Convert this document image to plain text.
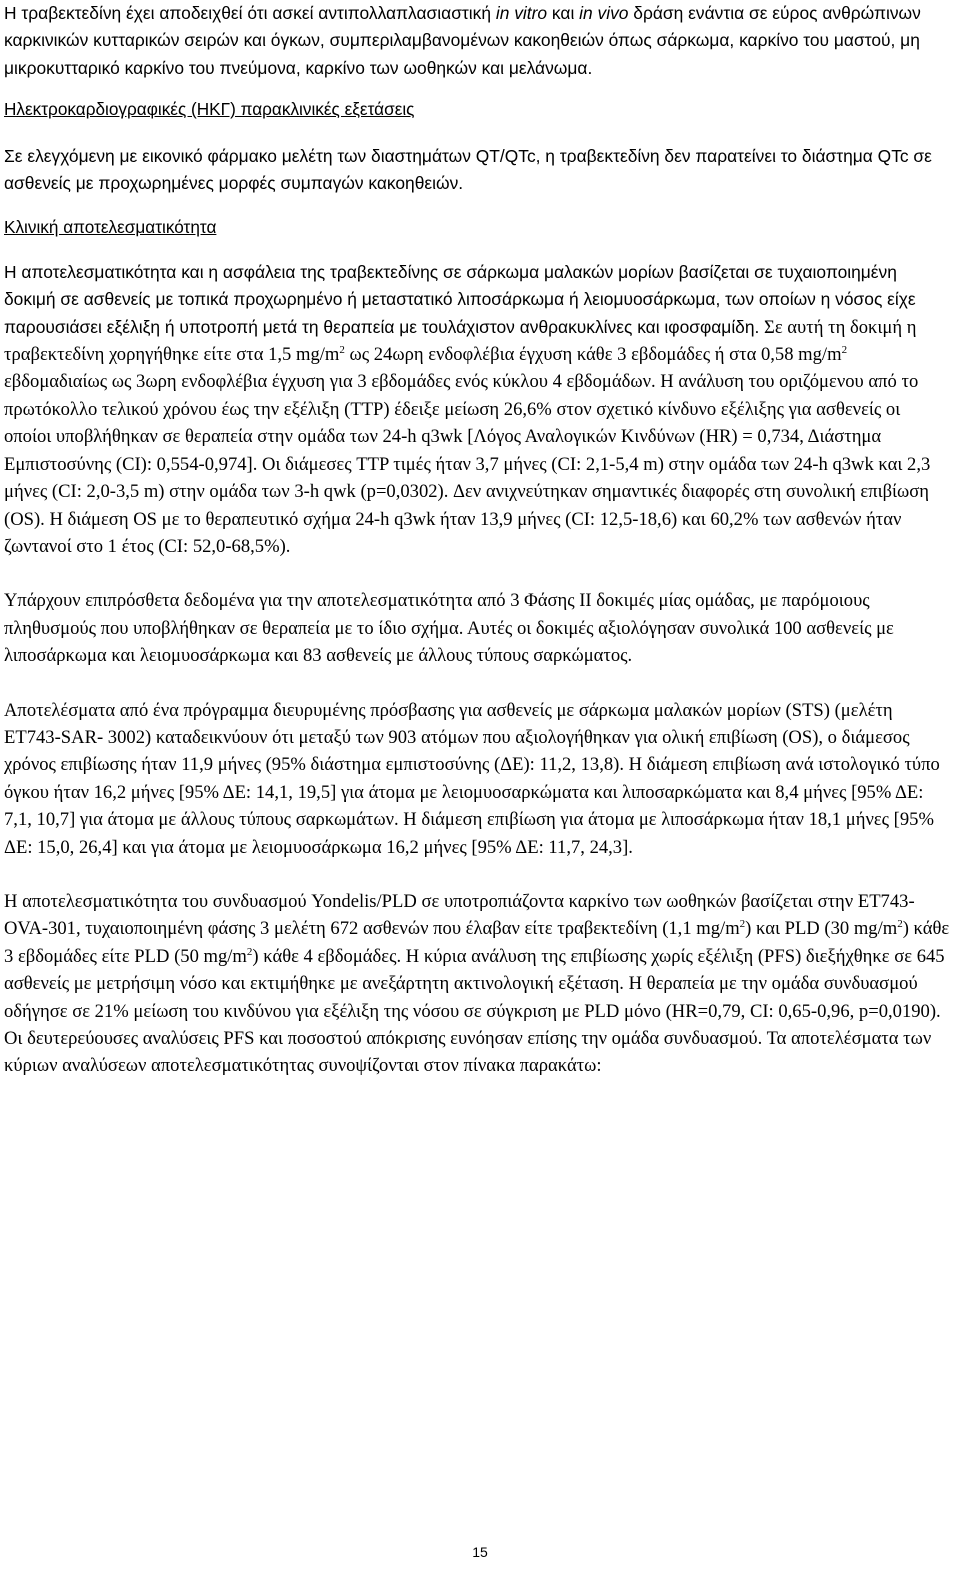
Η τραβεκτεδίνη έχει αποδειχθεί ότι ασκεί αντιπολλαπλασιαστική in vitro και in vivo δράση ενάντια σε εύρος ανθρώπινων καρκινικών κυτταρικών σειρών και όγκων, συμπεριλαμβανομένων κακοηθειών όπως σάρκωμα, καρκίνο του μαστού, μη μικροκυτταρικό καρκίνο του πνεύμονα, καρκίνο των ωοθηκών και μελάνωμα.

Ηλεκτροκαρδιογραφικές (ΗΚΓ) παρακλινικές εξετάσεις

Σε ελεγχόμενη με εικονικό φάρμακο μελέτη των διαστημάτων QT/QTc, η τραβεκτεδίνη δεν παρατείνει το διάστημα QTc σε ασθενείς με προχωρημένες μορφές συμπαγών κακοηθειών.

Κλινική αποτελεσματικότητα

Η αποτελεσματικότητα και η ασφάλεια της τραβεκτεδίνης σε σάρκωμα μαλακών μορίων βασίζεται σε τυχαιοποιημένη δοκιμή σε ασθενείς με τοπικά προχωρημένο ή μεταστατικό λιποσάρκωμα ή λειομυοσάρκωμα, των οποίων η νόσος είχε παρουσιάσει εξέλιξη ή υποτροπή μετά τη θεραπεία με τουλάχιστον ανθρακυκλίνες και ιφοσφαμίδη. Σε αυτή τη δοκιμή η τραβεκτεδίνη χορηγήθηκε είτε στα 1,5 $mg/m^2$ ως 24ωρη ενδοφλέβια έγχυση κάθε 3 εβδομάδες ή στα 0,58 $mg/m^2$ εβδομαδιαίως ως 3ωρη ενδοφλέβια έγχυση για 3 εβδομάδες ενός κύκλου 4 εβδομάδων. Η ανάλυση του οριζόμενου από το πρωτόκολλο τελικού χρόνου έως την εξέλιξη (TTP) έδειξε μείωση 26,6% στον σχετικό κίνδυνο εξέλιξης για ασθενείς οι οποίοι υποβλήθηκαν σε θεραπεία στην ομάδα των 24-h q3wk [Λόγος Αναλογικών Κινδύνων (HR) = 0,734, Διάστημα Εμπιστοσύνης (CI): 0,554-0,974]. Οι διάμεσες TTP τιμές ήταν 3,7 μήνες (CI: 2,1-5,4 m) στην ομάδα των 24-h q3wk και 2,3 μήνες (CI: 2,0-3,5 m) στην ομάδα των 3-h qwk (p=0,0302). Δεν ανιχνεύτηκαν σημαντικές διαφορές στη συνολική επιβίωση (OS). Η διάμεση OS με το θεραπευτικό σχήμα 24-h q3wk ήταν 13,9 μήνες (CI: 12,5-18,6) και 60,2% των ασθενών ήταν ζωντανοί στο 1 έτος (CI: 52,0-68,5%).

Υπάρχουν επιπρόσθετα δεδομένα για την αποτελεσματικότητα από 3 Φάσης ΙΙ δοκιμές μίας ομάδας, με παρόμοιους πληθυσμούς που υποβλήθηκαν σε θεραπεία με το ίδιο σχήμα. Αυτές οι δοκιμές αξιολόγησαν συνολικά 100 ασθενείς με λιποσάρκωμα και λειομυοσάρκωμα και 83 ασθενείς με άλλους τύπους σαρκώματος.

Αποτελέσματα από ένα πρόγραμμα διευρυμένης πρόσβασης για ασθενείς με σάρκωμα μαλακών μορίων (STS) (μελέτη ET743-SAR- 3002) καταδεικνύουν ότι μεταξύ των 903 ατόμων που αξιολογήθηκαν για ολική επιβίωση (OS), ο διάμεσος χρόνος επιβίωσης ήταν 11,9 μήνες (95% διάστημα εμπιστοσύνης (ΔΕ): 11,2, 13,8). Η διάμεση επιβίωση ανά ιστολογικό τύπο όγκου ήταν 16,2 μήνες [95% ΔΕ: 14,1, 19,5] για άτομα με λειομυοσαρκώματα και λιποσαρκώματα και 8,4 μήνες [95% ΔΕ: 7,1, 10,7] για άτομα με άλλους τύπους σαρκωμάτων. Η διάμεση επιβίωση για άτομα με λιποσάρκωμα ήταν 18,1 μήνες [95% ΔΕ: 15,0, 26,4] και για άτομα με λειομυοσάρκωμα 16,2 μήνες [95% ΔΕ: 11,7, 24,3].

Η αποτελεσματικότητα του συνδυασμού Yondelis/PLD σε υποτροπιάζοντα καρκίνο των ωοθηκών βασίζεται στην ET743-OVA-301, τυχαιοποιημένη φάσης 3 μελέτη 672 ασθενών που έλαβαν είτε τραβεκτεδίνη (1,1 $mg/m^2$) και PLD (30 $mg/m^2$) κάθε 3 εβδομάδες είτε PLD (50 $mg/m^2$) κάθε 4 εβδομάδες. Η κύρια ανάλυση της επιβίωσης χωρίς εξέλιξη (PFS) διεξήχθηκε σε 645 ασθενείς με μετρήσιμη νόσο και εκτιμήθηκε με ανεξάρτητη ακτινολογική εξέταση. Η θεραπεία με την ομάδα συνδυασμού οδήγησε σε 21% μείωση του κινδύνου για εξέλιξη της νόσου σε σύγκριση με PLD μόνο (HR=0,79, CI: 0,65-0,96, p=0,0190). Οι δευτερεύουσες αναλύσεις PFS και ποσοστού απόκρισης ευνόησαν επίσης την ομάδα συνδυασμού. Τα αποτελέσματα των κύριων αναλύσεων αποτελεσματικότητας συνοψίζονται στον πίνακα παρακάτω:

15
